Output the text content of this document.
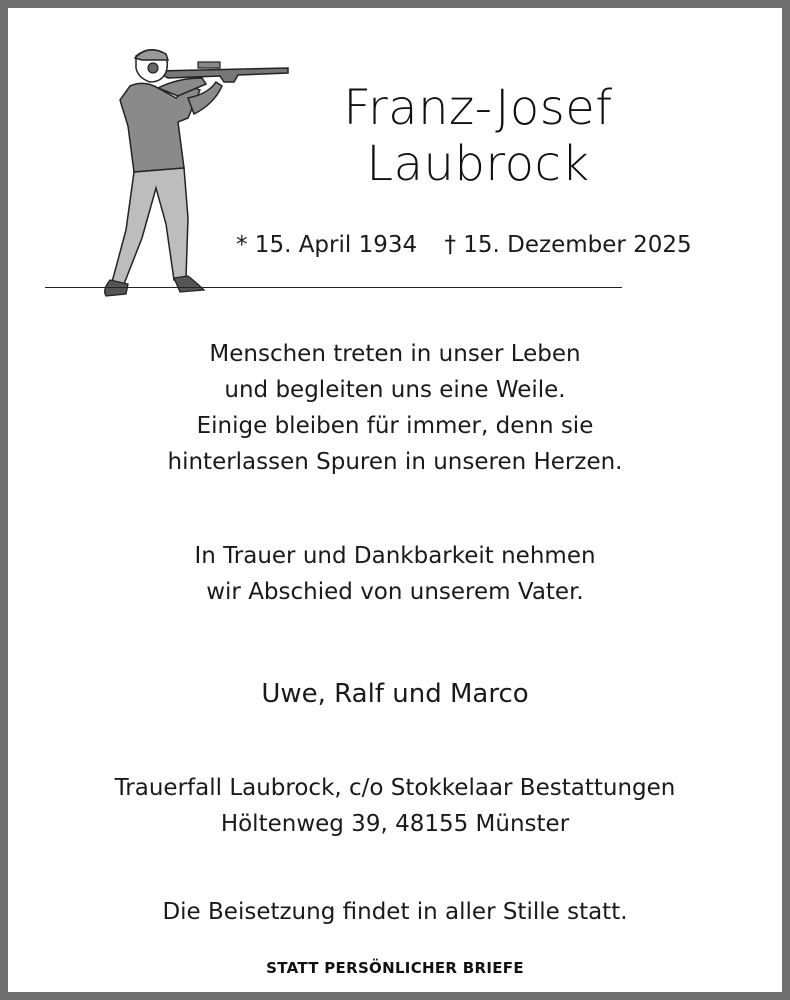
Franz-Josef
Laubrock
* 15. April 1934 † 15. Dezember 2025
Menschen treten in unser Leben
und begleiten uns eine Weile.
Einige bleiben für immer, denn sie
hinterlassen Spuren in unseren Herzen.
In Trauer und Dankbarkeit nehmen
wir Abschied von unserem Vater.
Uwe, Ralf und Marco
Trauerfall Laubrock, c/o Stokkelaar Bestattungen
Höltenweg 39, 48155 Münster
Die Beisetzung findet in aller Stille statt.
STATT PERSÖNLICHER BRIEFE
